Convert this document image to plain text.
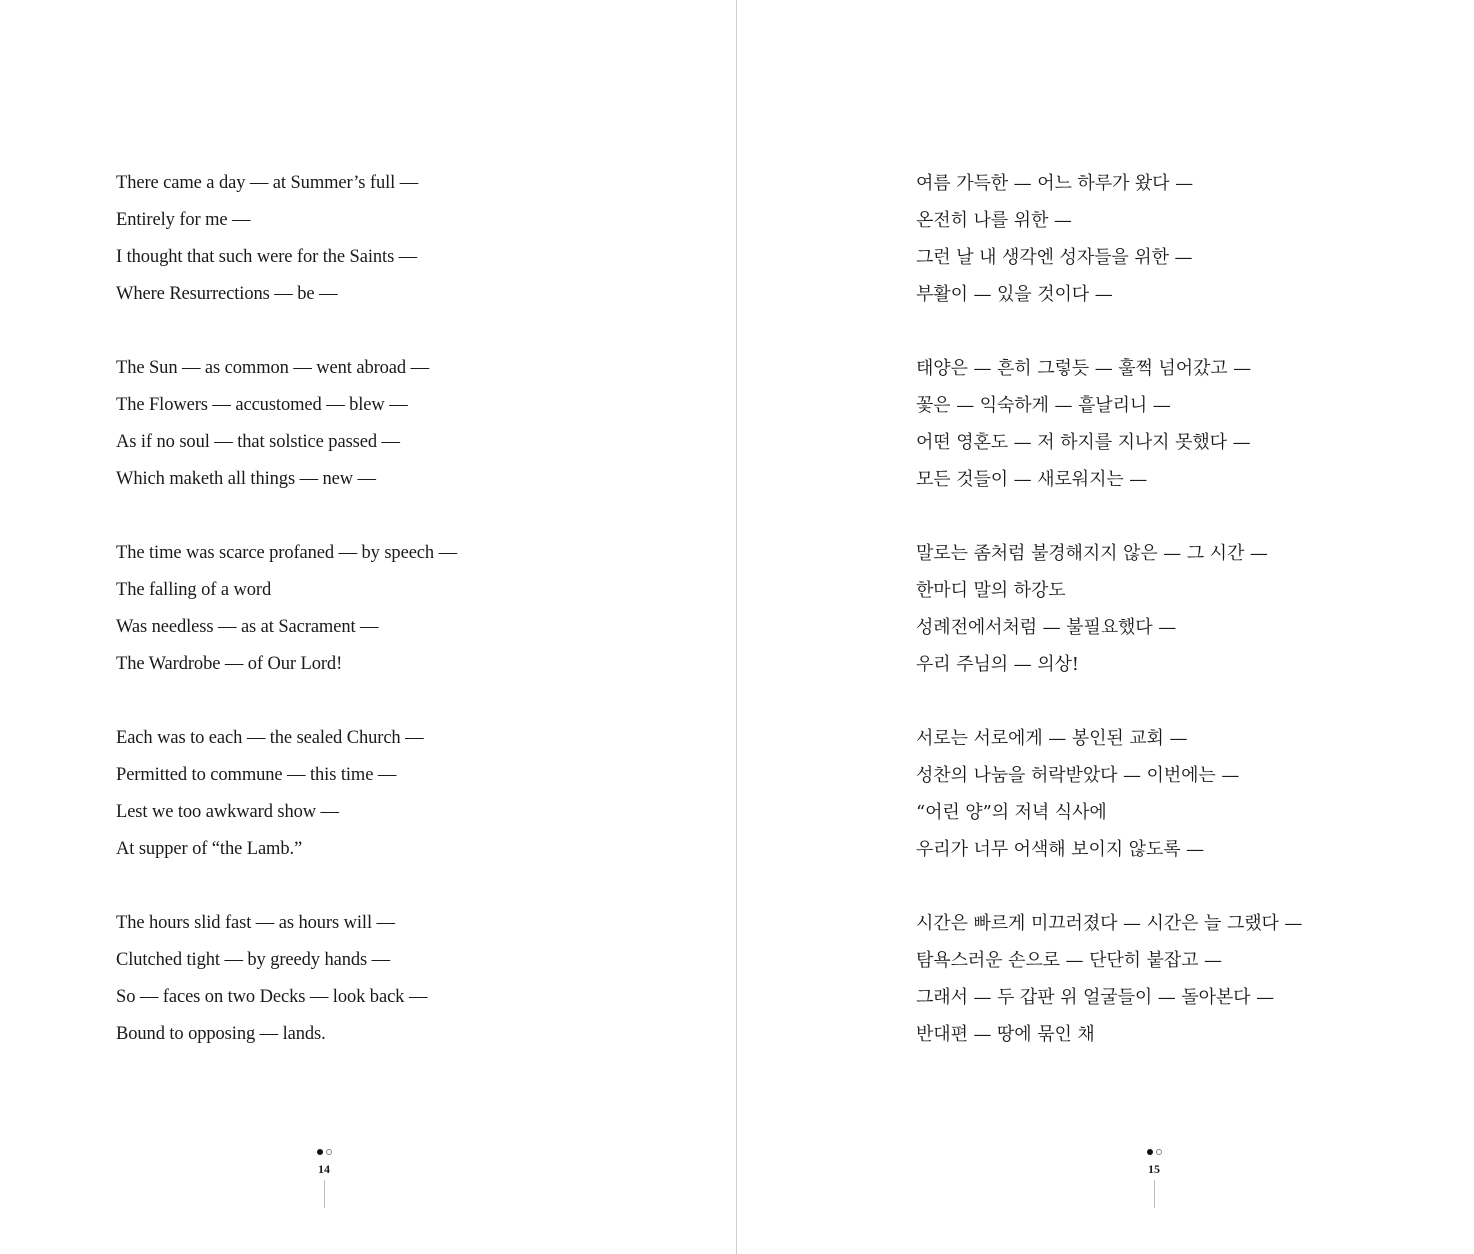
There came a day — at Summer’s full —
Entirely for me —
I thought that such were for the Saints —
Where Resurrections — be —
The Sun — as common — went abroad —
The Flowers — accustomed — blew —
As if no soul — that solstice passed —
Which maketh all things — new —
The time was scarce profaned — by speech —
The falling of a word
Was needless — as at Sacrament —
The Wardrobe — of Our Lord!
Each was to each — the sealed Church —
Permitted to commune — this time —
Lest we too awkward show —
At supper of “the Lamb.”
The hours slid fast — as hours will —
Clutched tight — by greedy hands —
So — faces on two Decks — look back —
Bound to opposing — lands.
14
여름 가득한 — 어느 하루가 왔다 —
온전히 나를 위한 —
그런 날 내 생각엔 성자들을 위한 —
부활이 — 있을 것이다 —
태양은 — 흔히 그렇듯 — 훌쩍 넘어갔고 —
꽃은 — 익숙하게 — 흩날리니 —
어떤 영혼도 — 저 하지를 지나지 못했다 —
모든 것들이 — 새로워지는 —
말로는 좀처럼 불경해지지 않은 — 그 시간 —
한마디 말의 하강도
성례전에서처럼 — 불필요했다 —
우리 주님의 — 의상!
서로는 서로에게 — 봉인된 교회 —
성찬의 나눔을 허락받았다 — 이번에는 —
“어린 양”의 저녁 식사에
우리가 너무 어색해 보이지 않도록 —
시간은 빠르게 미끄러졌다 — 시간은 늘 그랬다 —
탐욕스러운 손으로 — 단단히 붙잡고 —
그래서 — 두 갑판 위 얼굴들이 — 돌아본다 —
반대편 — 땅에 묶인 채
15
